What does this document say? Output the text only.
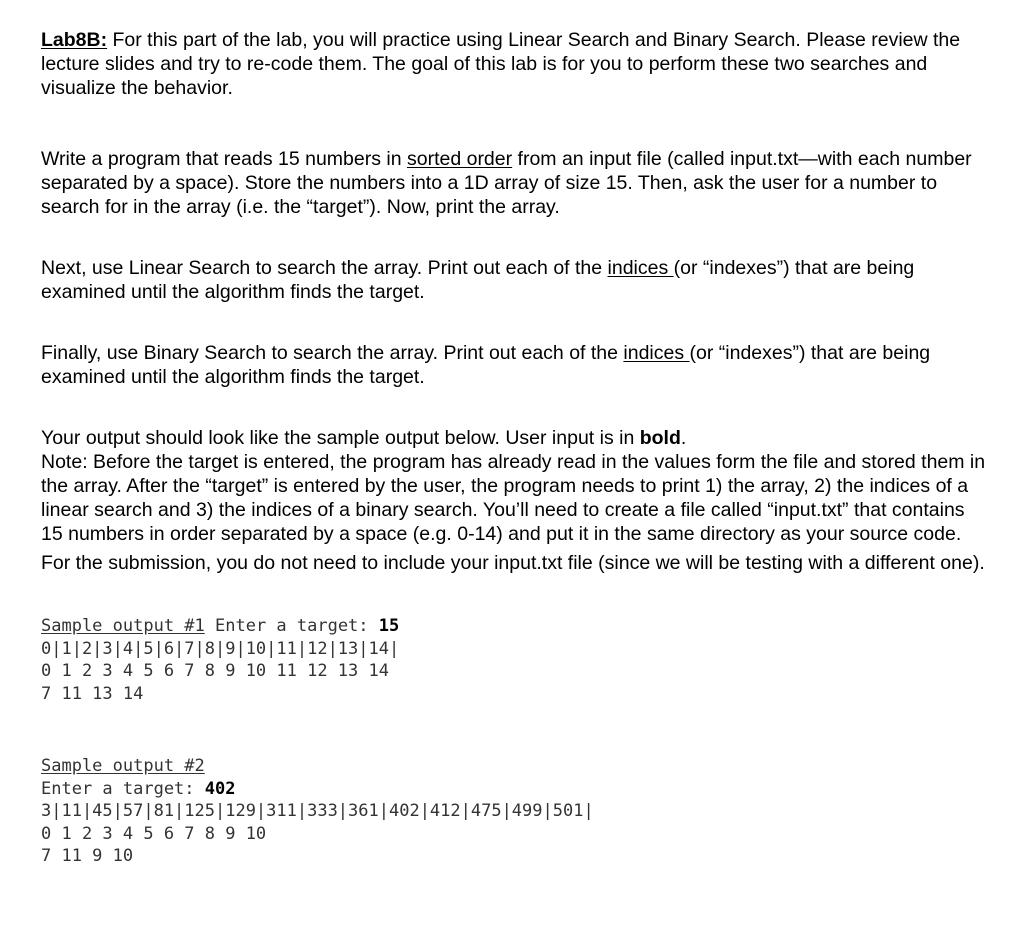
Lab8B: For this part of the lab, you will practice using Linear Search and Binary Search. Please review the lecture slides and try to re-code them. The goal of this lab is for you to perform these two searches and visualize the behavior.

Write a program that reads 15 numbers in sorted order from an input file (called input.txt—with each number separated by a space). Store the numbers into a 1D array of size 15. Then, ask the user for a number to search for in the array (i.e. the “target”). Now, print the array.

Next, use Linear Search to search the array. Print out each of the indices (or “indexes”) that are being examined until the algorithm finds the target.

Finally, use Binary Search to search the array. Print out each of the indices (or “indexes”) that are being examined until the algorithm finds the target.

Your output should look like the sample output below. User input is in bold.

Note: Before the target is entered, the program has already read in the values form the file and stored them in the array. After the “target” is entered by the user, the program needs to print 1) the array, 2) the indices of a linear search and 3) the indices of a binary search. You’ll need to create a file called “input.txt” that contains 15 numbers in order separated by a space (e.g. 0-14) and put it in the same directory as your source code.

For the submission, you do not need to include your input.txt file (since we will be testing with a different one).

Sample output #1 Enter a target: 15
0|1|2|3|4|5|6|7|8|9|10|11|12|13|14|
0 1 2 3 4 5 6 7 8 9 10 11 12 13 14
7 11 13 14
Sample output #2
Enter a target: 402
3|11|45|57|81|125|129|311|333|361|402|412|475|499|501|
0 1 2 3 4 5 6 7 8 9 10
7 11 9 10
